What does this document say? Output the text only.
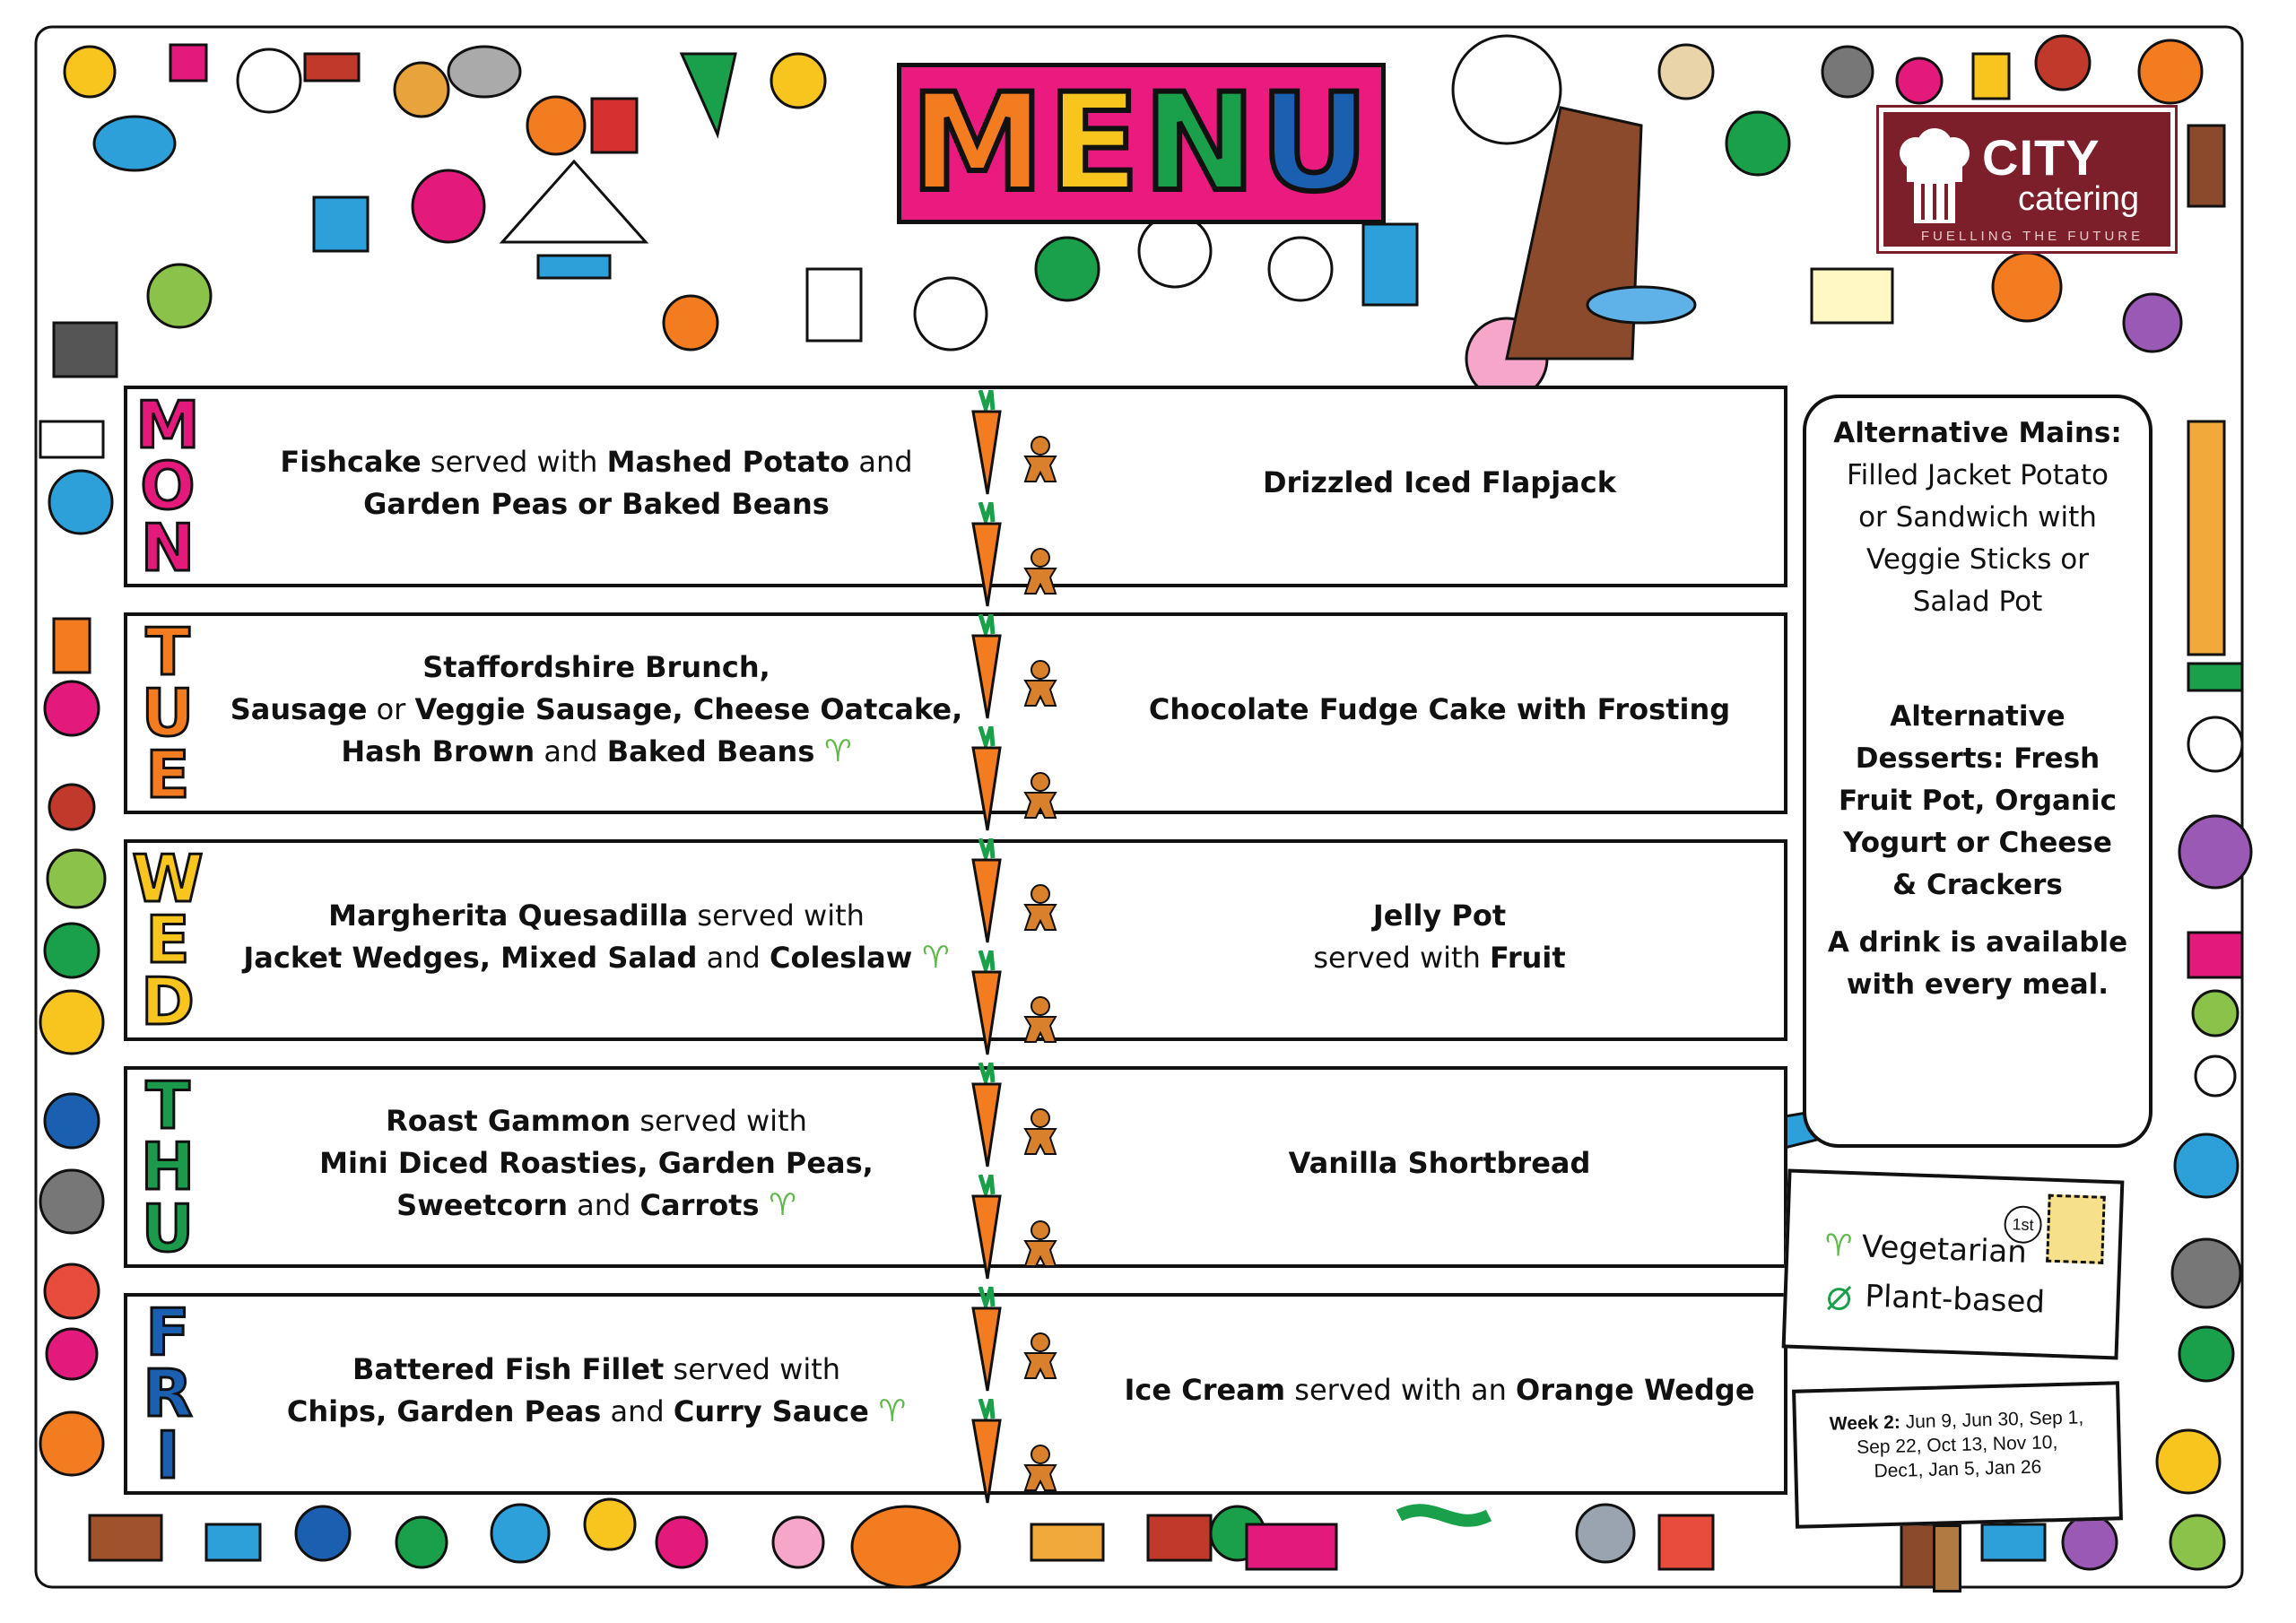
MENU	CITY
catering
FUELLING THE FUTURE
M
O
N
Fishcake served with Mashed Potato and
Garden Peas or Baked Beans
Drizzled Iced Flapjack
T
U
E
Staffordshire Brunch,
Sausage or Veggie Sausage, Cheese Oatcake,
Hash Brown and Baked Beans ♈
Chocolate Fudge Cake with Frosting
W
E
D
Margherita Quesadilla served with
Jacket Wedges, Mixed Salad and Coleslaw ♈
Jelly Pot
served with Fruit
T
H
U
Roast Gammon served with
Mini Diced Roasties, Garden Peas,
Sweetcorn and Carrots ♈
Vanilla Shortbread
F
R
I
Battered Fish Fillet served with
Chips, Garden Peas and Curry Sauce ♈
Ice Cream served with an Orange Wedge
Alternative Mains:
Filled Jacket Potato
or Sandwich with
Veggie Sticks or
Salad Pot
Alternative
Desserts: Fresh
Fruit Pot, Organic
Yogurt or Cheese
& Crackers
A drink is available
with every meal.
♈ Vegetarian
Plant-based
1st
Week 2: Jun 9, Jun 30, Sep 1,
Sep 22, Oct 13, Nov 10,
Dec1, Jan 5, Jan 26
